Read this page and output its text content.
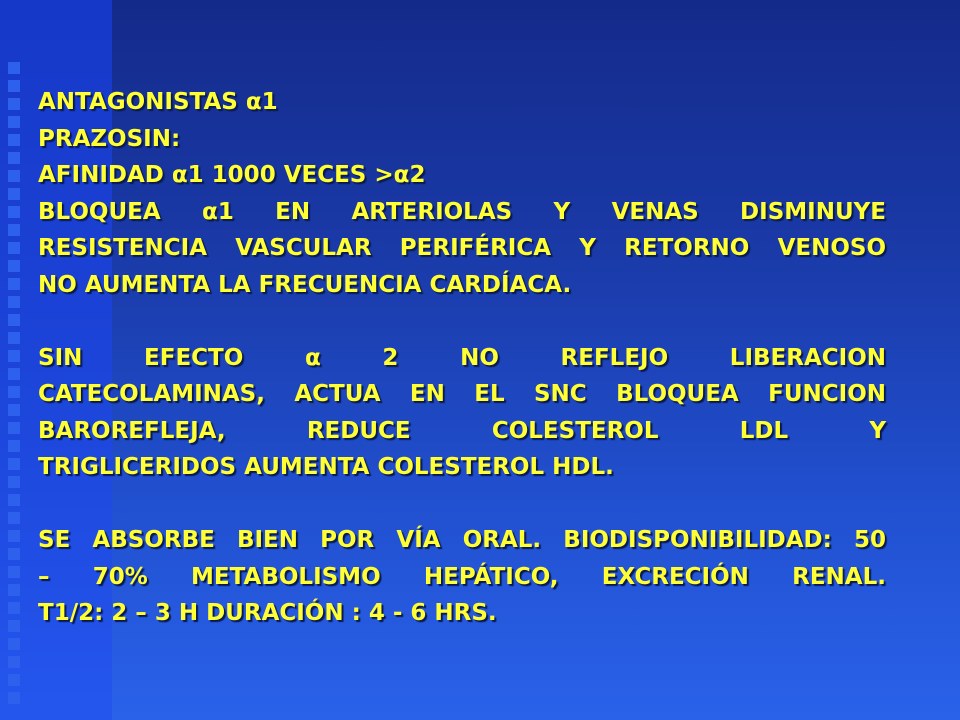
ANTAGONISTAS α1
PRAZOSIN:
AFINIDAD α1 1000 VECES >α2
BLOQUEA α1 EN ARTERIOLAS Y VENAS DISMINUYE
RESISTENCIA VASCULAR PERIFÉRICA Y RETORNO VENOSO
NO AUMENTA LA FRECUENCIA CARDÍACA.
SIN EFECTO α 2 NO REFLEJO LIBERACION
CATECOLAMINAS, ACTUA EN EL SNC BLOQUEA FUNCION
BAROREFLEJA, REDUCE COLESTEROL LDL Y
TRIGLICERIDOS AUMENTA COLESTEROL HDL.
SE ABSORBE BIEN POR VÍA ORAL. BIODISPONIBILIDAD: 50
– 70% METABOLISMO HEPÁTICO, EXCRECIÓN RENAL.
T1/2: 2 – 3 H DURACIÓN : 4 - 6 HRS.
